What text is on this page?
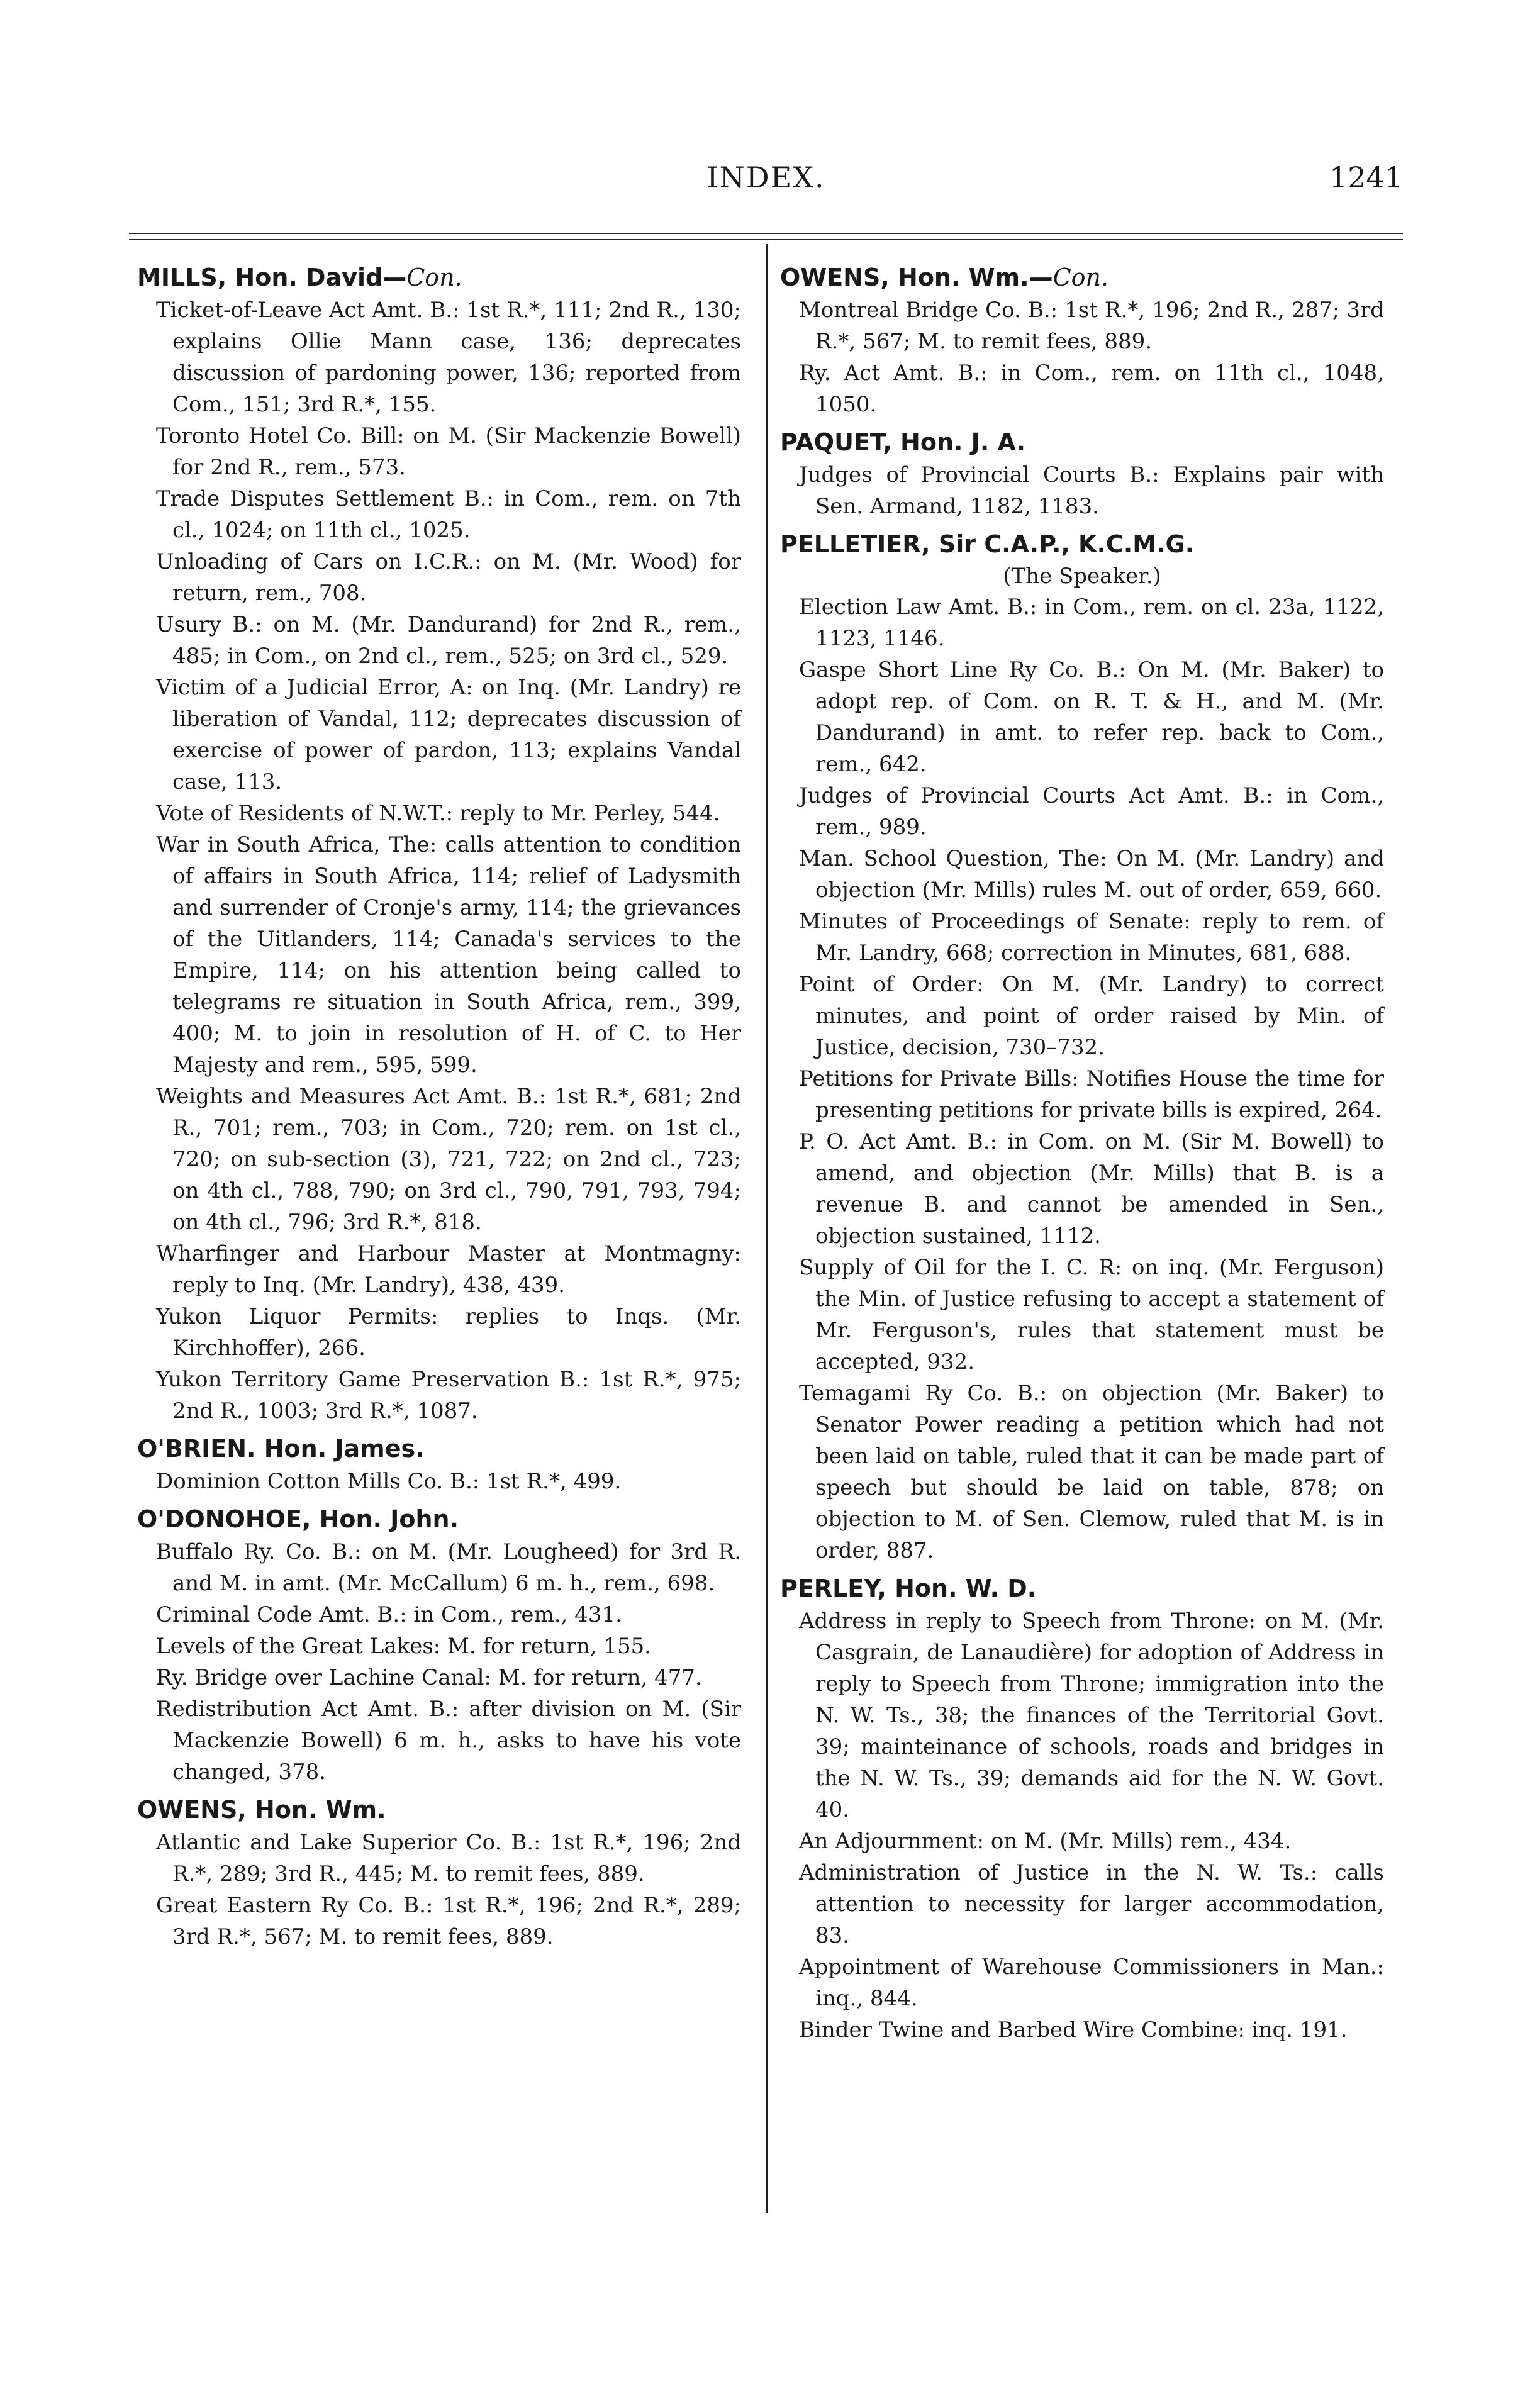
INDEX.	1241
MILLS, Hon. David—Con.

Ticket-of-Leave Act Amt. B.: 1st R.*, 111; 2nd R., 130; explains Ollie Mann case, 136; deprecates discussion of pardoning power, 136; reported from Com., 151; 3rd R.*, 155.

Toronto Hotel Co. Bill: on M. (Sir Mackenzie Bowell) for 2nd R., rem., 573.

Trade Disputes Settlement B.: in Com., rem. on 7th cl., 1024; on 11th cl., 1025.

Unloading of Cars on I.C.R.: on M. (Mr. Wood) for return, rem., 708.

Usury B.: on M. (Mr. Dandurand) for 2nd R., rem., 485; in Com., on 2nd cl., rem., 525; on 3rd cl., 529.

Victim of a Judicial Error, A: on Inq. (Mr. Landry) re liberation of Vandal, 112; deprecates discussion of exercise of power of pardon, 113; explains Vandal case, 113.

Vote of Residents of N.W.T.: reply to Mr. Perley, 544.

War in South Africa, The: calls attention to condition of affairs in South Africa, 114; relief of Ladysmith and surrender of Cronje's army, 114; the grievances of the Uitlanders, 114; Canada's services to the Empire, 114; on his attention being called to telegrams re situation in South Africa, rem., 399, 400; M. to join in resolution of H. of C. to Her Majesty and rem., 595, 599.

Weights and Measures Act Amt. B.: 1st R.*, 681; 2nd R., 701; rem., 703; in Com., 720; rem. on 1st cl., 720; on sub-section (3), 721, 722; on 2nd cl., 723; on 4th cl., 788, 790; on 3rd cl., 790, 791, 793, 794; on 4th cl., 796; 3rd R.*, 818.

Wharfinger and Harbour Master at Montmagny: reply to Inq. (Mr. Landry), 438, 439.

Yukon Liquor Permits: replies to Inqs. (Mr. Kirchhoffer), 266.

Yukon Territory Game Preservation B.: 1st R.*, 975; 2nd R., 1003; 3rd R.*, 1087.

O'BRIEN. Hon. James.

Dominion Cotton Mills Co. B.: 1st R.*, 499.

O'DONOHOE, Hon. John.

Buffalo Ry. Co. B.: on M. (Mr. Lougheed) for 3rd R. and M. in amt. (Mr. McCallum) 6 m. h., rem., 698.

Criminal Code Amt. B.: in Com., rem., 431.

Levels of the Great Lakes: M. for return, 155.

Ry. Bridge over Lachine Canal: M. for return, 477.

Redistribution Act Amt. B.: after division on M. (Sir Mackenzie Bowell) 6 m. h., asks to have his vote changed, 378.

OWENS, Hon. Wm.

Atlantic and Lake Superior Co. B.: 1st R.*, 196; 2nd R.*, 289; 3rd R., 445; M. to remit fees, 889.

Great Eastern Ry Co. B.: 1st R.*, 196; 2nd R.*, 289; 3rd R.*, 567; M. to remit fees, 889.

OWENS, Hon. Wm.—Con.

Montreal Bridge Co. B.: 1st R.*, 196; 2nd R., 287; 3rd R.*, 567; M. to remit fees, 889.

Ry. Act Amt. B.: in Com., rem. on 11th cl., 1048, 1050.

PAQUET, Hon. J. A.

Judges of Provincial Courts B.: Explains pair with Sen. Armand, 1182, 1183.

PELLETIER, Sir C.A.P., K.C.M.G.
(The Speaker.)

Election Law Amt. B.: in Com., rem. on cl. 23a, 1122, 1123, 1146.

Gaspe Short Line Ry Co. B.: On M. (Mr. Baker) to adopt rep. of Com. on R. T. & H., and M. (Mr. Dandurand) in amt. to refer rep. back to Com., rem., 642.

Judges of Provincial Courts Act Amt. B.: in Com., rem., 989.

Man. School Question, The: On M. (Mr. Landry) and objection (Mr. Mills) rules M. out of order, 659, 660.

Minutes of Proceedings of Senate: reply to rem. of Mr. Landry, 668; correction in Minutes, 681, 688.

Point of Order: On M. (Mr. Landry) to correct minutes, and point of order raised by Min. of Justice, decision, 730–732.

Petitions for Private Bills: Notifies House the time for presenting petitions for private bills is expired, 264.

P. O. Act Amt. B.: in Com. on M. (Sir M. Bowell) to amend, and objection (Mr. Mills) that B. is a revenue B. and cannot be amended in Sen., objection sustained, 1112.

Supply of Oil for the I. C. R: on inq. (Mr. Ferguson) the Min. of Justice refusing to accept a statement of Mr. Ferguson's, rules that statement must be accepted, 932.

Temagami Ry Co. B.: on objection (Mr. Baker) to Senator Power reading a petition which had not been laid on table, ruled that it can be made part of speech but should be laid on table, 878; on objection to M. of Sen. Clemow, ruled that M. is in order, 887.

PERLEY, Hon. W. D.

Address in reply to Speech from Throne: on M. (Mr. Casgrain, de Lanaudière) for adoption of Address in reply to Speech from Throne; immigration into the N. W. Ts., 38; the finances of the Territorial Govt. 39; mainteinance of schools, roads and bridges in the N. W. Ts., 39; demands aid for the N. W. Govt. 40.

An Adjournment: on M. (Mr. Mills) rem., 434.

Administration of Justice in the N. W. Ts.: calls attention to necessity for larger accommodation, 83.

Appointment of Warehouse Commissioners in Man.: inq., 844.

Binder Twine and Barbed Wire Combine: inq. 191.
